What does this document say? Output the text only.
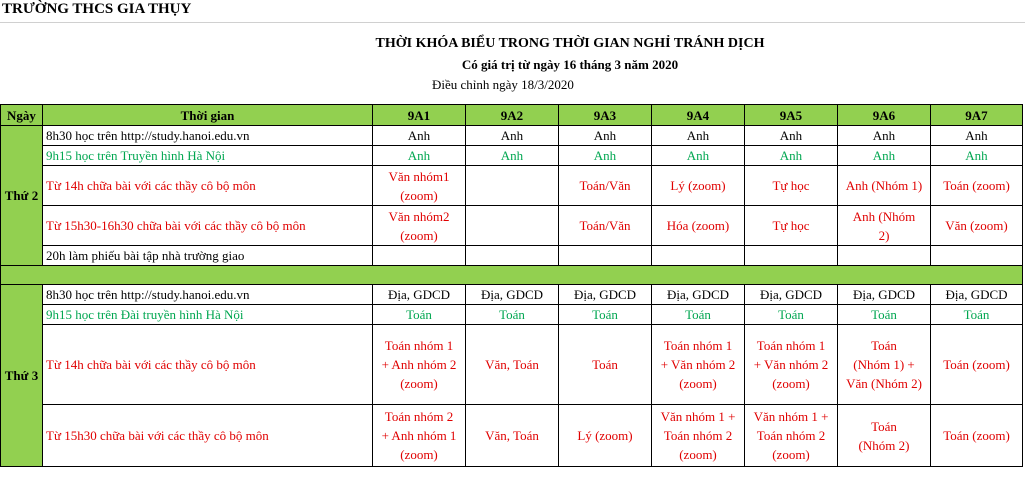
TRƯỜNG THCS GIA THỤY
THỜI KHÓA BIỂU TRONG THỜI GIAN NGHỈ TRÁNH DỊCH
Có giá trị từ ngày 16 tháng 3 năm 2020
Điều chỉnh ngày 18/3/2020
Ngày	Thời gian	9A1	9A2	9A3	9A4	9A5	9A6	9A7
Thứ 2	8h30 học trên http://study.hanoi.edu.vn	Anh	Anh	Anh	Anh	Anh	Anh	Anh

	9h15 học trên Truyền hình Hà Nội	Anh	Anh	Anh	Anh	Anh	Anh	Anh

	Từ 14h chữa bài với các thầy cô bộ môn	Văn nhóm1
(zoom)		Toán/Văn	Lý (zoom)	Tự học	Anh (Nhóm 1)	Toán (zoom)

	Từ 15h30-16h30 chữa bài với các thầy cô bộ môn	Văn nhóm2
(zoom)		Toán/Văn	Hóa (zoom)	Tự học	Anh (Nhóm
2)	Văn (zoom)

	20h làm phiếu bài tập nhà trường giao							

Thứ 3	8h30 học trên http://study.hanoi.edu.vn	Địa, GDCD	Địa, GDCD	Địa, GDCD	Địa, GDCD	Địa, GDCD	Địa, GDCD	Địa, GDCD

	9h15 học trên Đài truyền hình Hà Nội	Toán	Toán	Toán	Toán	Toán	Toán	Toán

	Từ 14h chữa bài với các thầy cô bộ môn	Toán nhóm 1
+ Anh nhóm 2
(zoom)	Văn, Toán	Toán	Toán nhóm 1
+ Văn nhóm 2
(zoom)	Toán nhóm 1
+ Văn nhóm 2
(zoom)	Toán
(Nhóm 1) +
Văn (Nhóm 2)	Toán (zoom)

	Từ 15h30 chữa bài với các thầy cô bộ môn	Toán nhóm 2
+ Anh nhóm 1
(zoom)	Văn, Toán	Lý (zoom)	Văn nhóm 1 +
Toán nhóm 2
(zoom)	Văn nhóm 1 +
Toán nhóm 2
(zoom)	Toán
(Nhóm 2)	Toán (zoom)
